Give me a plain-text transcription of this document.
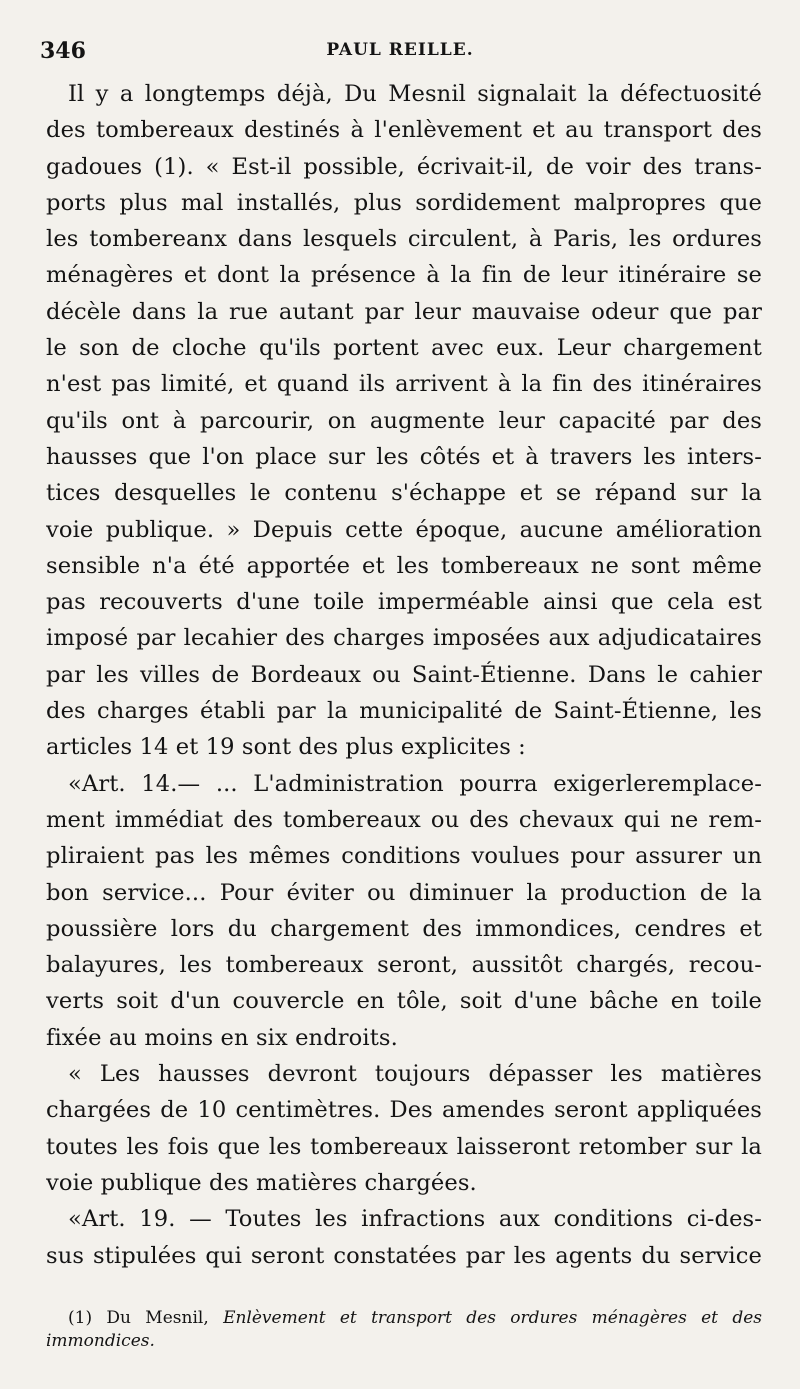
346	PAUL REILLE.
Il y a longtemps déjà, Du Mesnil signalait la défectuosité
des tombereaux destinés à l'enlèvement et au transport des
gadoues (1). « Est-il possible, écrivait-il, de voir des trans-
ports plus mal installés, plus sordidement malpropres que
les tombereanx dans lesquels circulent, à Paris, les ordures
ménagères et dont la présence à la fin de leur itinéraire se
décèle dans la rue autant par leur mauvaise odeur que par
le son de cloche qu'ils portent avec eux. Leur chargement
n'est pas limité, et quand ils arrivent à la fin des itinéraires
qu'ils ont à parcourir, on augmente leur capacité par des
hausses que l'on place sur les côtés et à travers les inters-
tices desquelles le contenu s'échappe et se répand sur la
voie publique. » Depuis cette époque, aucune amélioration
sensible n'a été apportée et les tombereaux ne sont même
pas recouverts d'une toile imperméable ainsi que cela est
imposé par lecahier des charges imposées aux adjudicataires
par les villes de Bordeaux ou Saint-Étienne. Dans le cahier
des charges établi par la municipalité de Saint-Étienne, les
articles 14 et 19 sont des plus explicites :
«Art. 14.— ... L'administration pourra exigerleremplace-
ment immédiat des tombereaux ou des chevaux qui ne rem-
pliraient pas les mêmes conditions voulues pour assurer un
bon service... Pour éviter ou diminuer la production de la
poussière lors du chargement des immondices, cendres et
balayures, les tombereaux seront, aussitôt chargés, recou-
verts soit d'un couvercle en tôle, soit d'une bâche en toile
fixée au moins en six endroits.
« Les hausses devront toujours dépasser les matières
chargées de 10 centimètres. Des amendes seront appliquées
toutes les fois que les tombereaux laisseront retomber sur la
voie publique des matières chargées.
«Art. 19. — Toutes les infractions aux conditions ci-des-
sus stipulées qui seront constatées par les agents du service
(1) Du Mesnil, Enlèvement et transport des ordures ménagères et des
immondices.
